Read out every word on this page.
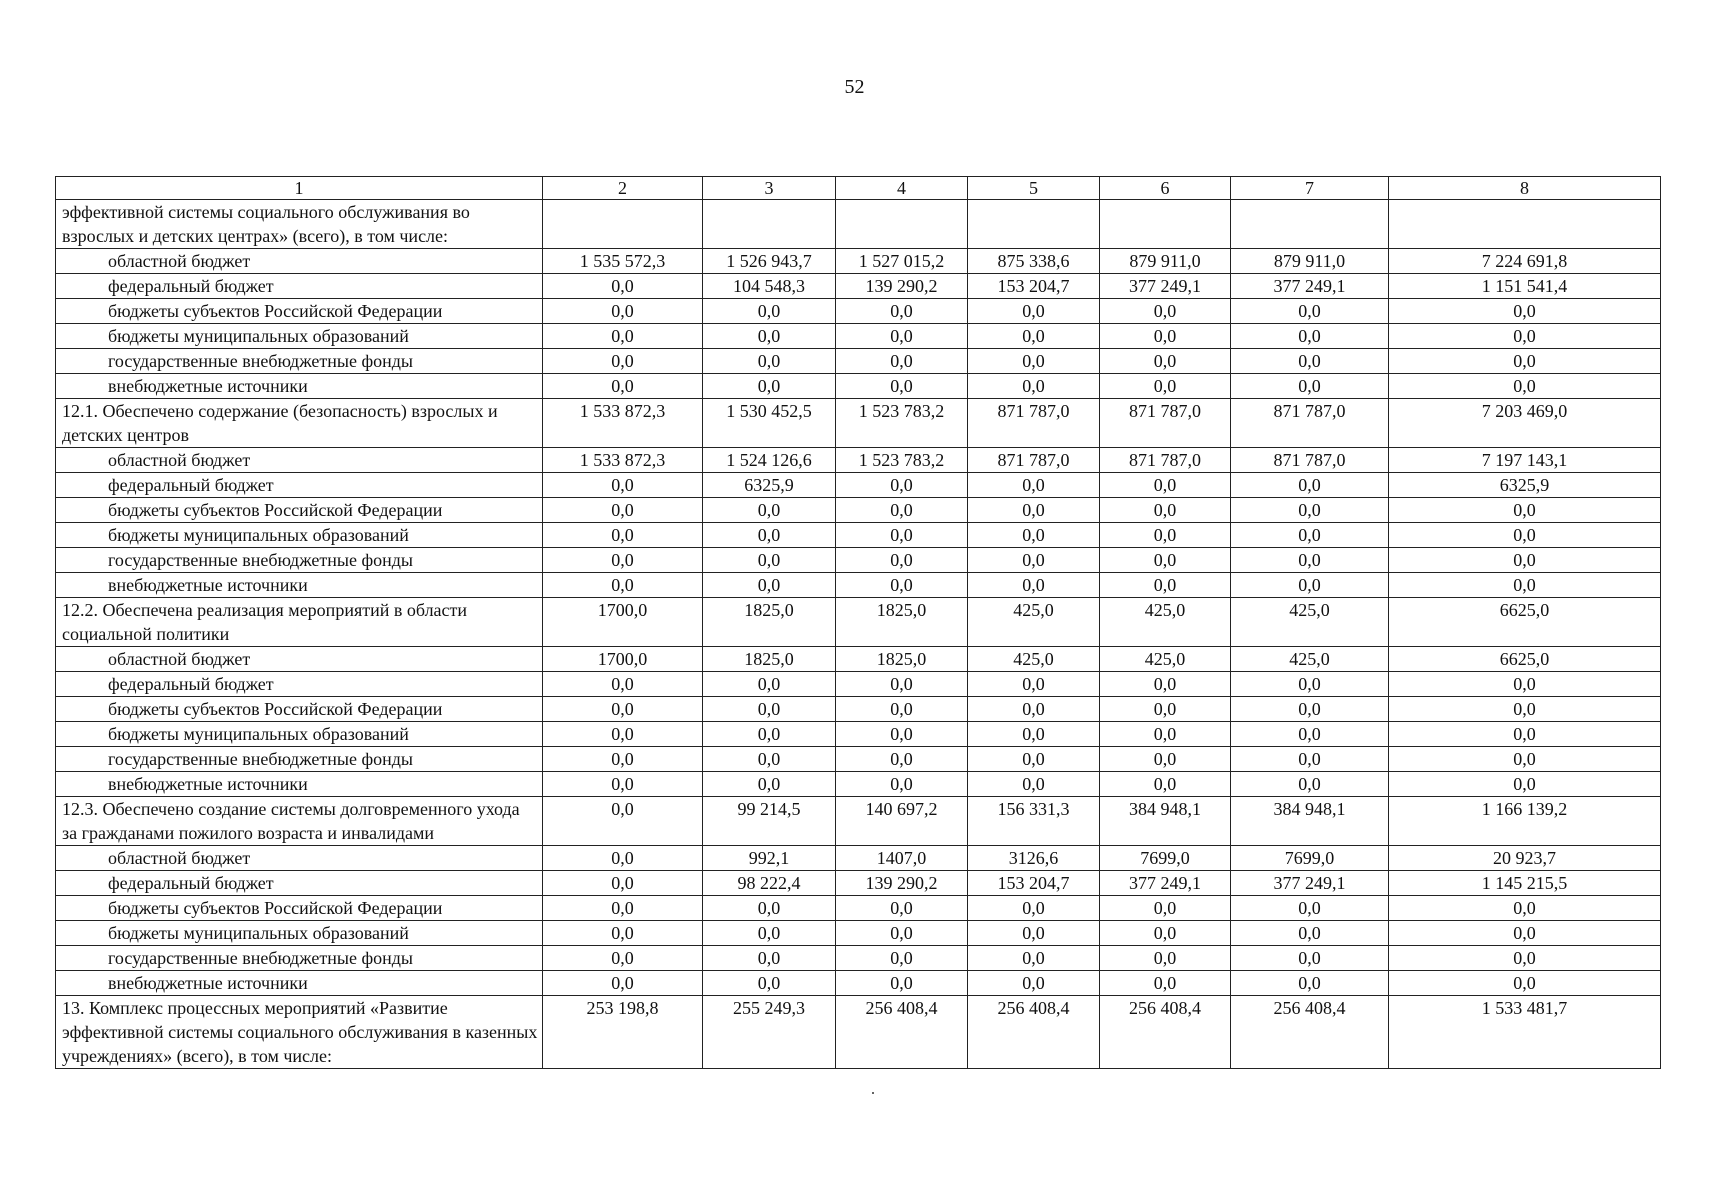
52
1	2	3	4	5	6	7	8
эффективной системы социального обслуживания во взрослых и детских центрах» (всего), в том числе:							
областной бюджет	1 535 572,3	1 526 943,7	1 527 015,2	875 338,6	879 911,0	879 911,0	7 224 691,8
федеральный бюджет	0,0	104 548,3	139 290,2	153 204,7	377 249,1	377 249,1	1 151 541,4
бюджеты субъектов Российской Федерации	0,0	0,0	0,0	0,0	0,0	0,0	0,0
бюджеты муниципальных образований	0,0	0,0	0,0	0,0	0,0	0,0	0,0
государственные внебюджетные фонды	0,0	0,0	0,0	0,0	0,0	0,0	0,0
внебюджетные источники	0,0	0,0	0,0	0,0	0,0	0,0	0,0
12.1. Обеспечено содержание (безопасность) взрослых и детских центров	1 533 872,3	1 530 452,5	1 523 783,2	871 787,0	871 787,0	871 787,0	7 203 469,0
областной бюджет	1 533 872,3	1 524 126,6	1 523 783,2	871 787,0	871 787,0	871 787,0	7 197 143,1
федеральный бюджет	0,0	6325,9	0,0	0,0	0,0	0,0	6325,9
бюджеты субъектов Российской Федерации	0,0	0,0	0,0	0,0	0,0	0,0	0,0
бюджеты муниципальных образований	0,0	0,0	0,0	0,0	0,0	0,0	0,0
государственные внебюджетные фонды	0,0	0,0	0,0	0,0	0,0	0,0	0,0
внебюджетные источники	0,0	0,0	0,0	0,0	0,0	0,0	0,0
12.2. Обеспечена реализация мероприятий в области социальной политики	1700,0	1825,0	1825,0	425,0	425,0	425,0	6625,0
областной бюджет	1700,0	1825,0	1825,0	425,0	425,0	425,0	6625,0
федеральный бюджет	0,0	0,0	0,0	0,0	0,0	0,0	0,0
бюджеты субъектов Российской Федерации	0,0	0,0	0,0	0,0	0,0	0,0	0,0
бюджеты муниципальных образований	0,0	0,0	0,0	0,0	0,0	0,0	0,0
государственные внебюджетные фонды	0,0	0,0	0,0	0,0	0,0	0,0	0,0
внебюджетные источники	0,0	0,0	0,0	0,0	0,0	0,0	0,0
12.3. Обеспечено создание системы долговременного ухода за гражданами пожилого возраста и инвалидами	0,0	99 214,5	140 697,2	156 331,3	384 948,1	384 948,1	1 166 139,2
областной бюджет	0,0	992,1	1407,0	3126,6	7699,0	7699,0	20 923,7
федеральный бюджет	0,0	98 222,4	139 290,2	153 204,7	377 249,1	377 249,1	1 145 215,5
бюджеты субъектов Российской Федерации	0,0	0,0	0,0	0,0	0,0	0,0	0,0
бюджеты муниципальных образований	0,0	0,0	0,0	0,0	0,0	0,0	0,0
государственные внебюджетные фонды	0,0	0,0	0,0	0,0	0,0	0,0	0,0
внебюджетные источники	0,0	0,0	0,0	0,0	0,0	0,0	0,0
13. Комплекс процессных мероприятий «Развитие эффективной системы социального обслуживания в казенных учреждениях» (всего), в том числе:	253 198,8	255 249,3	256 408,4	256 408,4	256 408,4	256 408,4	1 533 481,7
